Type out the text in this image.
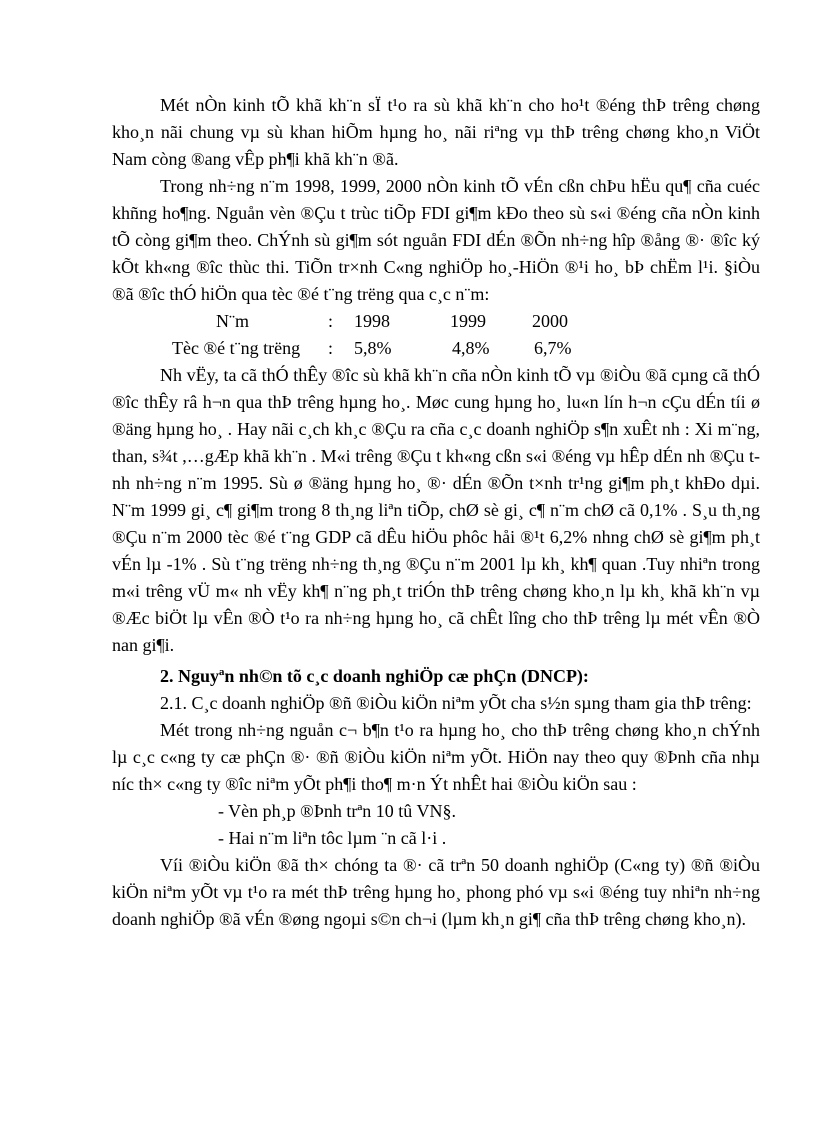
Mét nÒn kinh tÕ khã kh¨n sÏ t¹o ra sù khã kh¨n cho ho¹t ®éng thÞ trêng chøng kho¸n nãi chung vµ sù khan hiÕm hµng ho¸ nãi riªng vµ thÞ trêng chøng kho¸n ViÖt Nam còng ®ang vÊp ph¶i khã kh¨n ®ã.

Trong nh÷ng n¨m 1998, 1999, 2000 nÒn kinh tÕ vÉn cßn chÞu hËu qu¶ cña cuéc khñng ho¶ng. Nguån vèn ®Çu t trùc tiÕp FDI gi¶m kÐo theo sù s«i ®éng cña nÒn kinh tÕ còng gi¶m theo. ChÝnh sù gi¶m sót nguån FDI dÉn ®Õn nh÷ng hîp ®ång ®· ®îc ký kÕt kh«ng ®îc thùc thi. TiÕn tr×nh C«ng nghiÖp ho¸-HiÖn ®¹i ho¸ bÞ chËm l¹i. §iÒu ®ã ®îc thÓ hiÖn qua tèc ®é t¨ng trëng qua c¸c n¨m:

N¨m	:	1998	1999	2000
Tèc ®é t¨ng trëng	:	5,8%	4,8%	6,7%

Nh vËy, ta cã thÓ thÊy ®îc sù khã kh¨n cña nÒn kinh tÕ vµ ®iÒu ®ã cµng cã thÓ ®îc thÊy râ h¬n qua thÞ trêng hµng ho¸. Møc cung hµng ho¸ lu«n lín h¬n cÇu dÉn tíi ø ®äng hµng ho¸ . Hay nãi c¸ch kh¸c ®Çu ra cña c¸c doanh nghiÖp s¶n xuÊt nh : Xi m¨ng, than, s¾t ,…gÆp khã kh¨n . M«i trêng ®Çu t kh«ng cßn s«i ®éng vµ hÊp dÉn nh ®Çu t nh nh÷ng n¨m 1995. Sù ø ®äng hµng ho¸ ®· dÉn ®Õn t×nh tr¹ng gi¶m ph¸t khÐo dµi. N¨m 1999 gi¸ c¶ gi¶m trong 8 th¸ng liªn tiÕp, chØ sè gi¸ c¶ n¨m chØ cã 0,1% . S¸u th¸ng ®Çu n¨m 2000 tèc ®é t¨ng GDP cã dÊu hiÖu phôc håi ®¹t 6,2% nhng chØ sè gi¶m ph¸t vÉn lµ -1% . Sù t¨ng trëng nh÷ng th¸ng ®Çu n¨m 2001 lµ kh¸ kh¶ quan .Tuy nhiªn trong m«i trêng vÜ m« nh vËy kh¶ n¨ng ph¸t triÓn thÞ trêng chøng kho¸n lµ kh¸ khã kh¨n vµ ®Æc biÖt lµ vÊn ®Ò t¹o ra nh÷ng hµng ho¸ cã chÊt lîng cho thÞ trêng lµ mét vÊn ®Ò nan gi¶i.

2. Nguyªn nh©n tõ c¸c doanh nghiÖp cæ phÇn (DNCP):

2.1. C¸c doanh nghiÖp ®ñ ®iÒu kiÖn niªm yÕt cha s½n sµng tham gia thÞ trêng:

Mét trong nh÷ng nguån c¬ b¶n t¹o ra hµng ho¸ cho thÞ trêng chøng kho¸n chÝnh lµ c¸c c«ng ty cæ phÇn ®· ®ñ ®iÒu kiÖn niªm yÕt. HiÖn nay theo quy ®Þnh cña nhµ níc th× c«ng ty ®îc niªm yÕt ph¶i tho¶ m·n Ýt nhÊt hai ®iÒu kiÖn sau :

- Vèn ph¸p ®Þnh trªn 10 tû VN§.

- Hai n¨m liªn tôc lµm ¨n cã l·i .

Víi ®iÒu kiÖn ®ã th× chóng ta ®· cã trªn 50 doanh nghiÖp (C«ng ty) ®ñ ®iÒu kiÖn niªm yÕt vµ t¹o ra mét thÞ trêng hµng ho¸ phong phó vµ s«i ®éng tuy nhiªn nh÷ng doanh nghiÖp ®ã vÉn ®øng ngoµi s©n ch¬i (lµm kh¸n gi¶ cña thÞ trêng chøng kho¸n).
